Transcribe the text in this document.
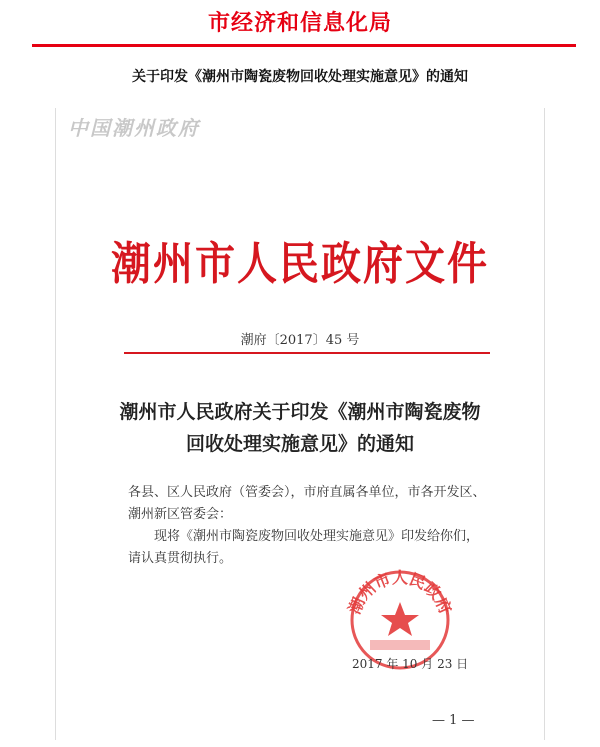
市经济和信息化局
关于印发《潮州市陶瓷废物回收处理实施意见》的通知
中国潮州政府
潮州市人民政府文件
潮府〔2017〕45 号
潮州市人民政府关于印发《潮州市陶瓷废物
回收处理实施意见》的通知
各县、区人民政府（管委会），市府直属各单位，市各开发区、
潮州新区管委会：
现将《潮州市陶瓷废物回收处理实施意见》印发给你们，
请认真贯彻执行。
潮州市人民政府
2017 年 10 月 23 日
— 1 —
